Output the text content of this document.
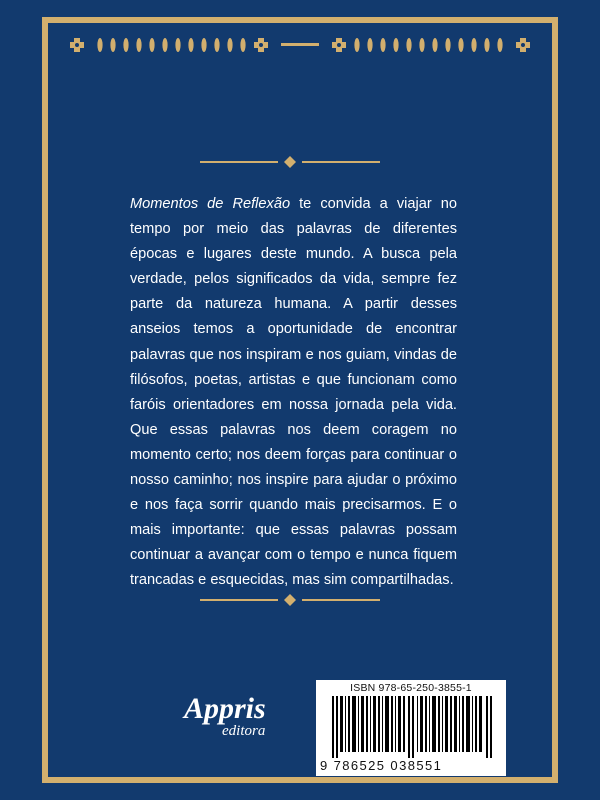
Momentos de Reflexão te convida a viajar no tempo por meio das palavras de diferentes épocas e lugares deste mundo. A busca pela verdade, pelos significados da vida, sempre fez parte da natureza humana. A partir desses anseios temos a oportunidade de encontrar palavras que nos inspiram e nos guiam, vindas de filósofos, poetas, artistas e que funcionam como faróis orientadores em nossa jornada pela vida. Que essas palavras nos deem coragem no momento certo; nos deem forças para continuar o nosso caminho; nos inspire para ajudar o próximo e nos faça sorrir quando mais precisarmos. E o mais importante: que essas palavras possam continuar a avançar com o tempo e nunca fiquem trancadas e esquecidas, mas sim compartilhadas.

Appris
editora
ISBN 978-65-250-3855-1
9 786525 038551
